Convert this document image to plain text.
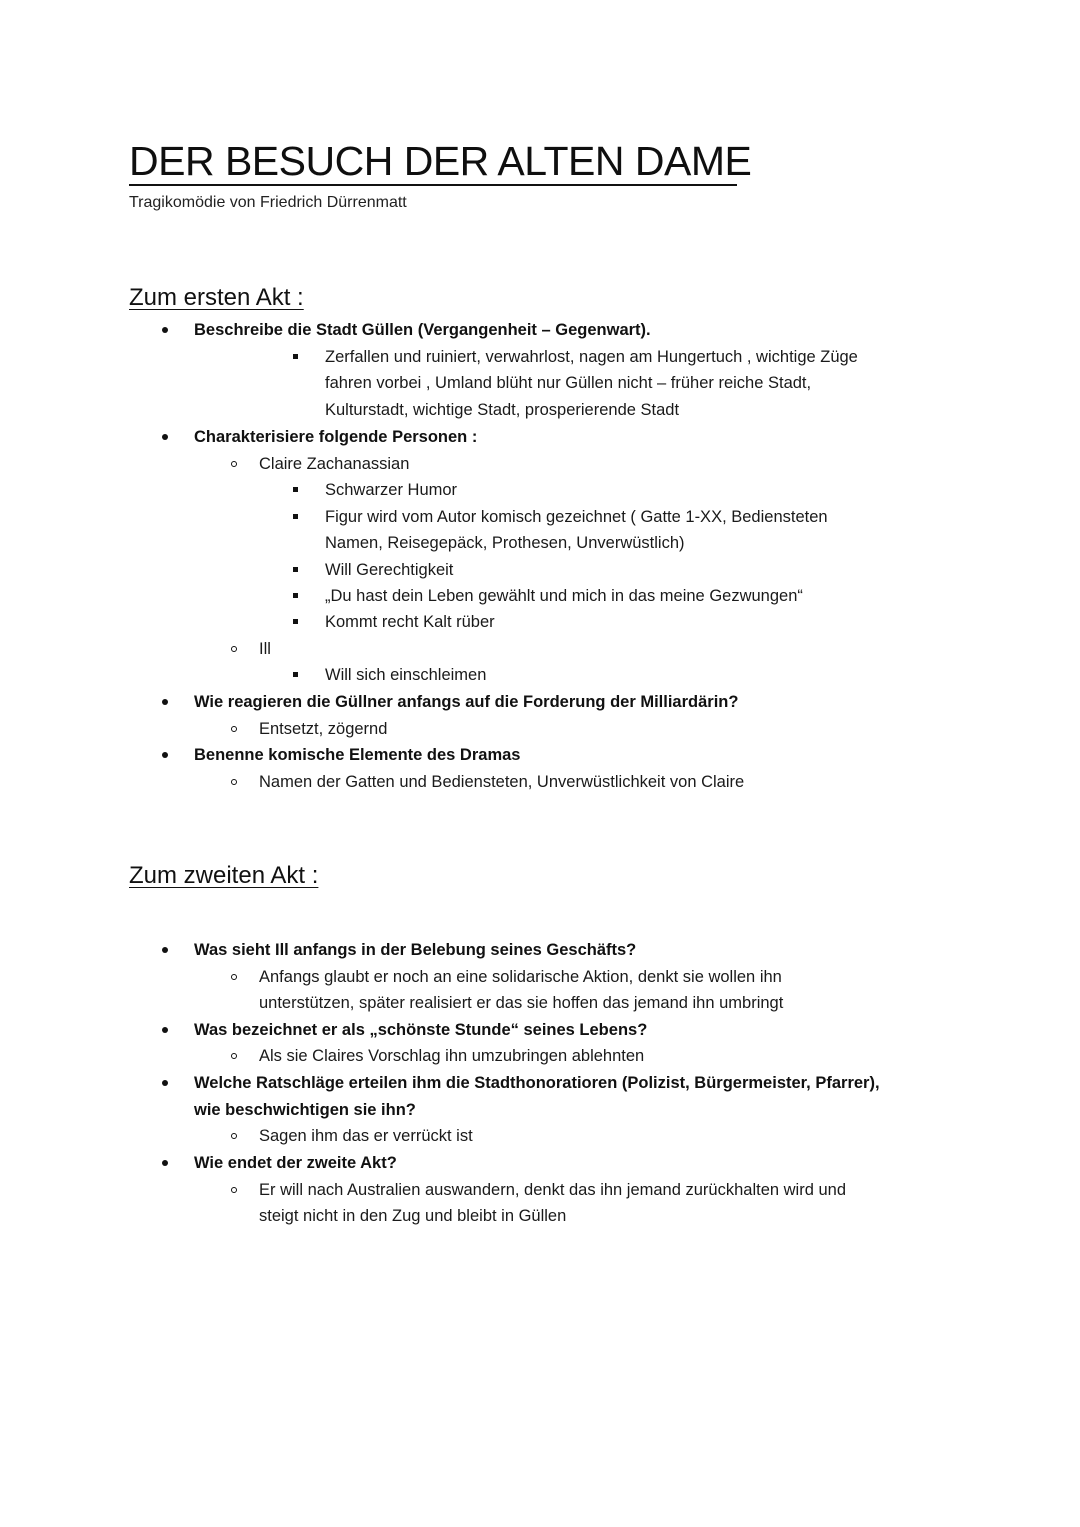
DER BESUCH DER ALTEN DAME
Tragikomödie von Friedrich Dürrenmatt
Zum ersten Akt :
Beschreibe die Stadt Güllen (Vergangenheit – Gegenwart).
Zerfallen und ruiniert, verwahrlost, nagen am Hungertuch , wichtige Züge
fahren vorbei , Umland blüht nur Güllen nicht – früher reiche Stadt,
Kulturstadt, wichtige Stadt, prosperierende Stadt
Charakterisiere folgende Personen :
Claire Zachanassian
Schwarzer Humor
Figur wird vom Autor komisch gezeichnet ( Gatte 1-XX, Bediensteten
Namen, Reisegepäck, Prothesen, Unverwüstlich)
Will Gerechtigkeit
„Du hast dein Leben gewählt und mich in das meine Gezwungen“
Kommt recht Kalt rüber
Ill
Will sich einschleimen
Wie reagieren die Güllner anfangs auf die Forderung der Milliardärin?
Entsetzt, zögernd
Benenne komische Elemente des Dramas
Namen der Gatten und Bediensteten, Unverwüstlichkeit von Claire
Zum zweiten Akt :
Was sieht Ill anfangs in der Belebung seines Geschäfts?
Anfangs glaubt er noch an eine solidarische Aktion, denkt sie wollen ihn
unterstützen, später realisiert er das sie hoffen das jemand ihn umbringt
Was bezeichnet er als „schönste Stunde“ seines Lebens?
Als sie Claires Vorschlag ihn umzubringen ablehnten
Welche Ratschläge erteilen ihm die Stadthonoratioren (Polizist, Bürgermeister, Pfarrer),
wie beschwichtigen sie ihn?
Sagen ihm das er verrückt ist
Wie endet der zweite Akt?
Er will nach Australien auswandern, denkt das ihn jemand zurückhalten wird und
steigt nicht in den Zug und bleibt in Güllen
